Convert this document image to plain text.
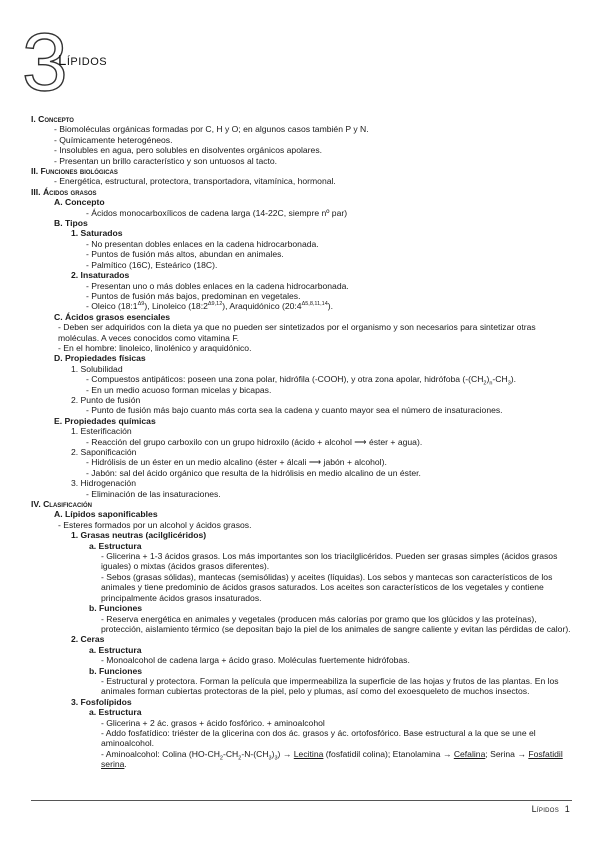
3
Lípidos
I. Concepto
- Biomoléculas orgánicas formadas por C, H y O; en algunos casos también P y N.
- Químicamente heterogéneos.
- Insolubles en agua, pero solubles en disolventes orgánicos apolares.
- Presentan un brillo característico y son untuosos al tacto.
II. Funciones biológicas
- Energética, estructural, protectora, transportadora, vitamínica, hormonal.
III. Ácidos grasos
A. Concepto
- Ácidos monocarboxílicos de cadena larga (14-22C, siempre nº par)
B. Tipos
1. Saturados
- No presentan dobles enlaces en la cadena hidrocarbonada.
- Puntos de fusión más altos, abundan en animales.
- Palmítico (16C), Esteárico (18C).
2. Insaturados
- Presentan uno o más dobles enlaces en la cadena hidrocarbonada.
- Puntos de fusión más bajos, predominan en vegetales.
- Oleico $(18:1^{\Delta 9})$, Linoleico $(18:2^{\Delta 9,12})$, Araquidónico $(20:4^{\Delta 5,8,11,14})$.
C. Ácidos grasos esenciales
- Deben ser adquiridos con la dieta ya que no pueden ser sintetizados por el organismo y son necesarios para sintetizar otras moléculas. A veces conocidos como vitamina F.
- En el hombre: linoleico, linolénico y araquidónico.
D. Propiedades físicas
1. Solubilidad
- Compuestos antipáticos: poseen una zona polar, hidrófila (-COOH), y otra zona apolar, hidrófoba $(-(CH_2)_n-CH_3)$.
- En un medio acuoso forman micelas y bicapas.
2. Punto de fusión
- Punto de fusión más bajo cuanto más corta sea la cadena y cuanto mayor sea el número de insaturaciones.
E. Propiedades químicas
1. Esterificación
- Reacción del grupo carboxilo con un grupo hidroxilo (ácido + alcohol ⟶ éster + agua).
2. Saponificación
- Hidrólisis de un éster en un medio alcalino (éster + álcali ⟶ jabón + alcohol).
- Jabón: sal del ácido orgánico que resulta de la hidrólisis en medio alcalino de un éster.
3. Hidrogenación
- Eliminación de las insaturaciones.
IV. Clasificación
A. Lípidos saponificables
- Esteres formados por un alcohol y ácidos grasos.
1. Grasas neutras (acilglicéridos)
a. Estructura
- Glicerina + 1-3 ácidos grasos. Los más importantes son los triacilglicéridos. Pueden ser grasas simples (ácidos grasos iguales) o mixtas (ácidos grasos diferentes).
- Sebos (grasas sólidas), mantecas (semisólidas) y aceites (líquidas). Los sebos y mantecas son característicos de los animales y tiene predominio de ácidos grasos saturados. Los aceites son característicos de los vegetales y contiene principalmente ácidos grasos insaturados.
b. Funciones
- Reserva energética en animales y vegetales (producen más calorías por gramo que los glúcidos y las proteínas), protección, aislamiento térmico (se depositan bajo la piel de los animales de sangre caliente y evitan las pérdidas de calor).
2. Ceras
a. Estructura
- Monoalcohol de cadena larga + ácido graso. Moléculas fuertemente hidrófobas.
b. Funciones
- Estructural y protectora. Forman la película que impermeabiliza la superficie de las hojas y frutos de las plantas. En los animales forman cubiertas protectoras de la piel, pelo y plumas, así como del exoesqueleto de muchos insectos.
3. Fosfolípidos
a. Estructura
- Glicerina + 2 ác. grasos + ácido fosfórico. + aminoalcohol
- Addo fosfatídico: triéster de la glicerina con dos ác. grasos y ác. ortofosfórico. Base estructural a la que se une el aminoalcohol.
- Aminoalcohol: Colina $(HO-CH_2-CH_2-N-(CH_3)_3)$ → Lecitina (fosfatidil colina); Etanolamina → Cefalina; Serina → Fosfatidil serina.
Lípidos 1
